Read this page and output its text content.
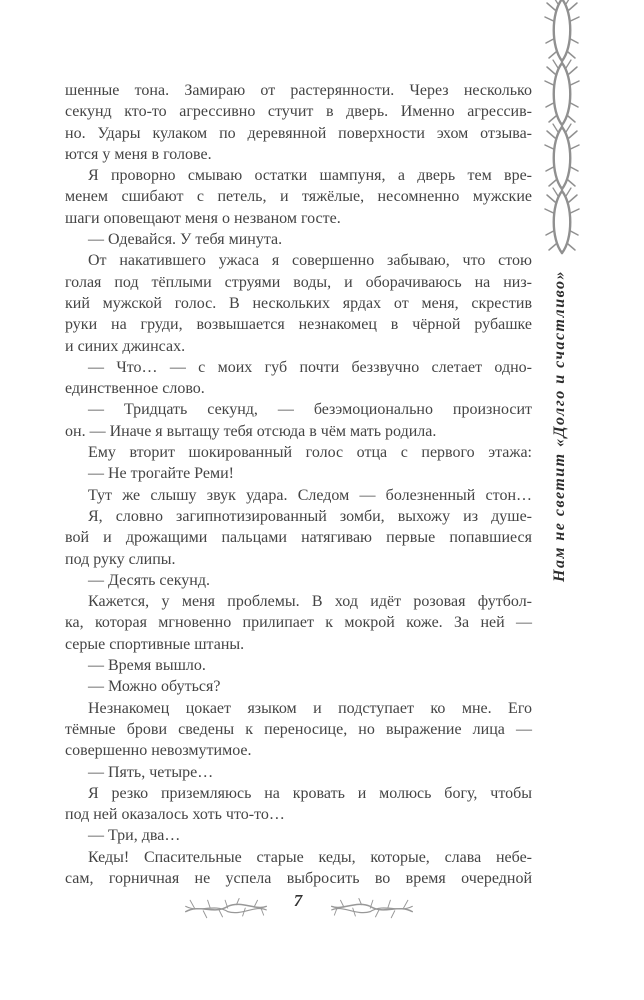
Нам не светит «Долго и счастливо»
шенные тона. Замираю от растерянности. Через несколько
секунд кто-то агрессивно стучит в дверь. Именно агрессив-
но. Удары кулаком по деревянной поверхности эхом отзыва-
ются у меня в голове.
Я проворно смываю остатки шампуня, а дверь тем вре-
менем сшибают с петель, и тяжёлые, несомненно мужские
шаги оповещают меня о незваном госте.
— Одевайся. У тебя минута.
От накатившего ужаса я совершенно забываю, что стою
голая под тёплыми струями воды, и оборачиваюсь на низ-
кий мужской голос. В нескольких ярдах от меня, скрестив
руки на груди, возвышается незнакомец в чёрной рубашке
и синих джинсах.
— Что… — с моих губ почти беззвучно слетает одно-
единственное слово.
— Тридцать секунд, — безэмоционально произносит
он. — Иначе я вытащу тебя отсюда в чём мать родила.
Ему вторит шокированный голос отца с первого этажа:
— Не трогайте Реми!
Тут же слышу звук удара. Следом — болезненный стон…
Я, словно загипнотизированный зомби, выхожу из душе-
вой и дрожащими пальцами натягиваю первые попавшиеся
под руку слипы.
— Десять секунд.
Кажется, у меня проблемы. В ход идёт розовая футбол-
ка, которая мгновенно прилипает к мокрой коже. За ней —
серые спортивные штаны.
— Время вышло.
— Можно обуться?
Незнакомец цокает языком и подступает ко мне. Его
тёмные брови сведены к переносице, но выражение лица —
совершенно невозмутимое.
— Пять, четыре…
Я резко приземляюсь на кровать и молюсь богу, чтобы
под ней оказалось хоть что-то…
— Три, два…
Кеды! Спасительные старые кеды, которые, слава небе-
сам, горничная не успела выбросить во время очередной
7
